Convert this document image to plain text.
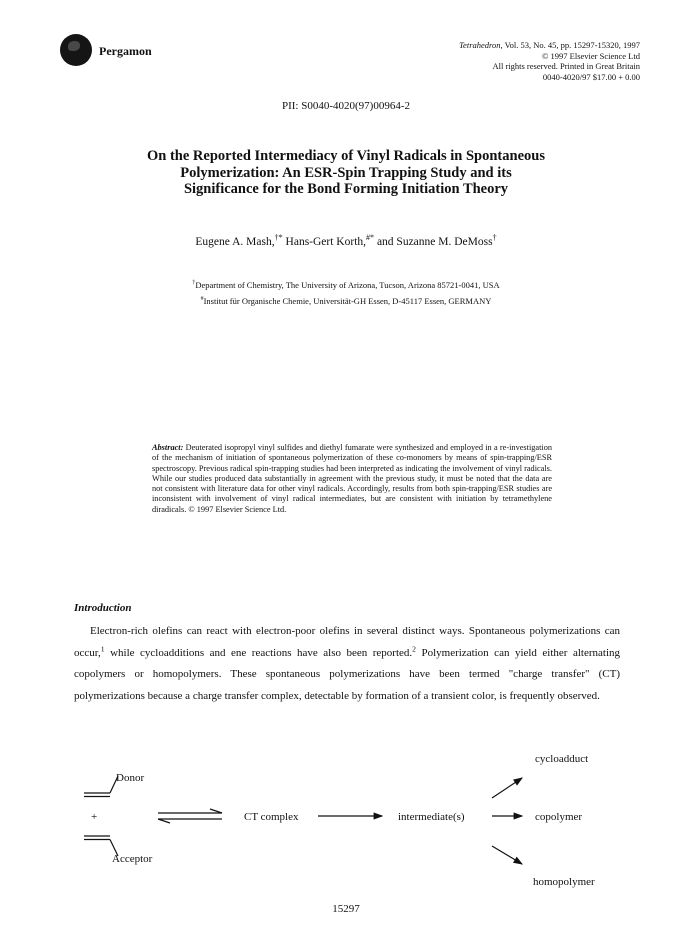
Pergamon	Tetrahedron, Vol. 53, No. 45, pp. 15297-15320, 1997
© 1997 Elsevier Science Ltd
All rights reserved. Printed in Great Britain
0040-4020/97 $17.00 + 0.00
PII: S0040-4020(97)00964-2
On the Reported Intermediacy of Vinyl Radicals in Spontaneous
Polymerization: An ESR-Spin Trapping Study and its
Significance for the Bond Forming Initiation Theory
Eugene A. Mash,†* Hans-Gert Korth,#* and Suzanne M. DeMoss†
†Department of Chemistry, The University of Arizona, Tucson, Arizona 85721-0041, USA
#Institut für Organische Chemie, Universität-GH Essen, D-45117 Essen, GERMANY
Abstract: Deuterated isopropyl vinyl sulfides and diethyl fumarate were synthesized and employed in a re-investigation of the mechanism of initiation of spontaneous polymerization of these co-monomers by means of spin-trapping/ESR spectroscopy. Previous radical spin-trapping studies had been interpreted as indicating the involvement of vinyl radicals. While our studies produced data substantially in agreement with the previous study, it must be noted that the data are not consistent with literature data for other vinyl radicals. Accordingly, results from both spin-trapping/ESR studies are inconsistent with involvement of vinyl radical intermediates, but are consistent with initiation by tetramethylene diradicals. © 1997 Elsevier Science Ltd.
Introduction
Electron-rich olefins can react with electron-poor olefins in several distinct ways. Spontaneous polymerizations can occur,$^1$ while cycloadditions and ene reactions have also been reported.$^2$ Polymerization can yield either alternating copolymers or homopolymers. These spontaneous polymerizations have been termed "charge transfer" (CT) polymerizations because a charge transfer complex, detectable by formation of a transient color, is frequently observed.
Donor
+
Acceptor
CT complex	intermediate(s)
cycloadduct
copolymer
homopolymer
15297
